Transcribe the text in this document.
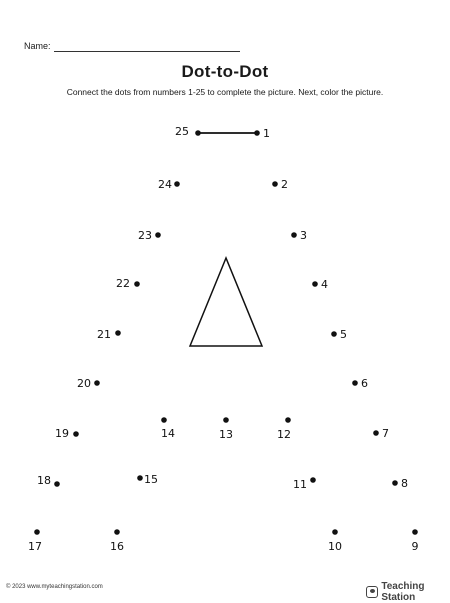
Name:
Dot-to-Dot
Connect the dots from numbers 1-25 to complete the picture. Next, color the picture.
1
2
3
4
5
6
7
8
9
10
11
12
13
14
15
16
17
18
19
20
21
22
23
24
25
© 2023 www.myteachingstation.com	Teaching Station
